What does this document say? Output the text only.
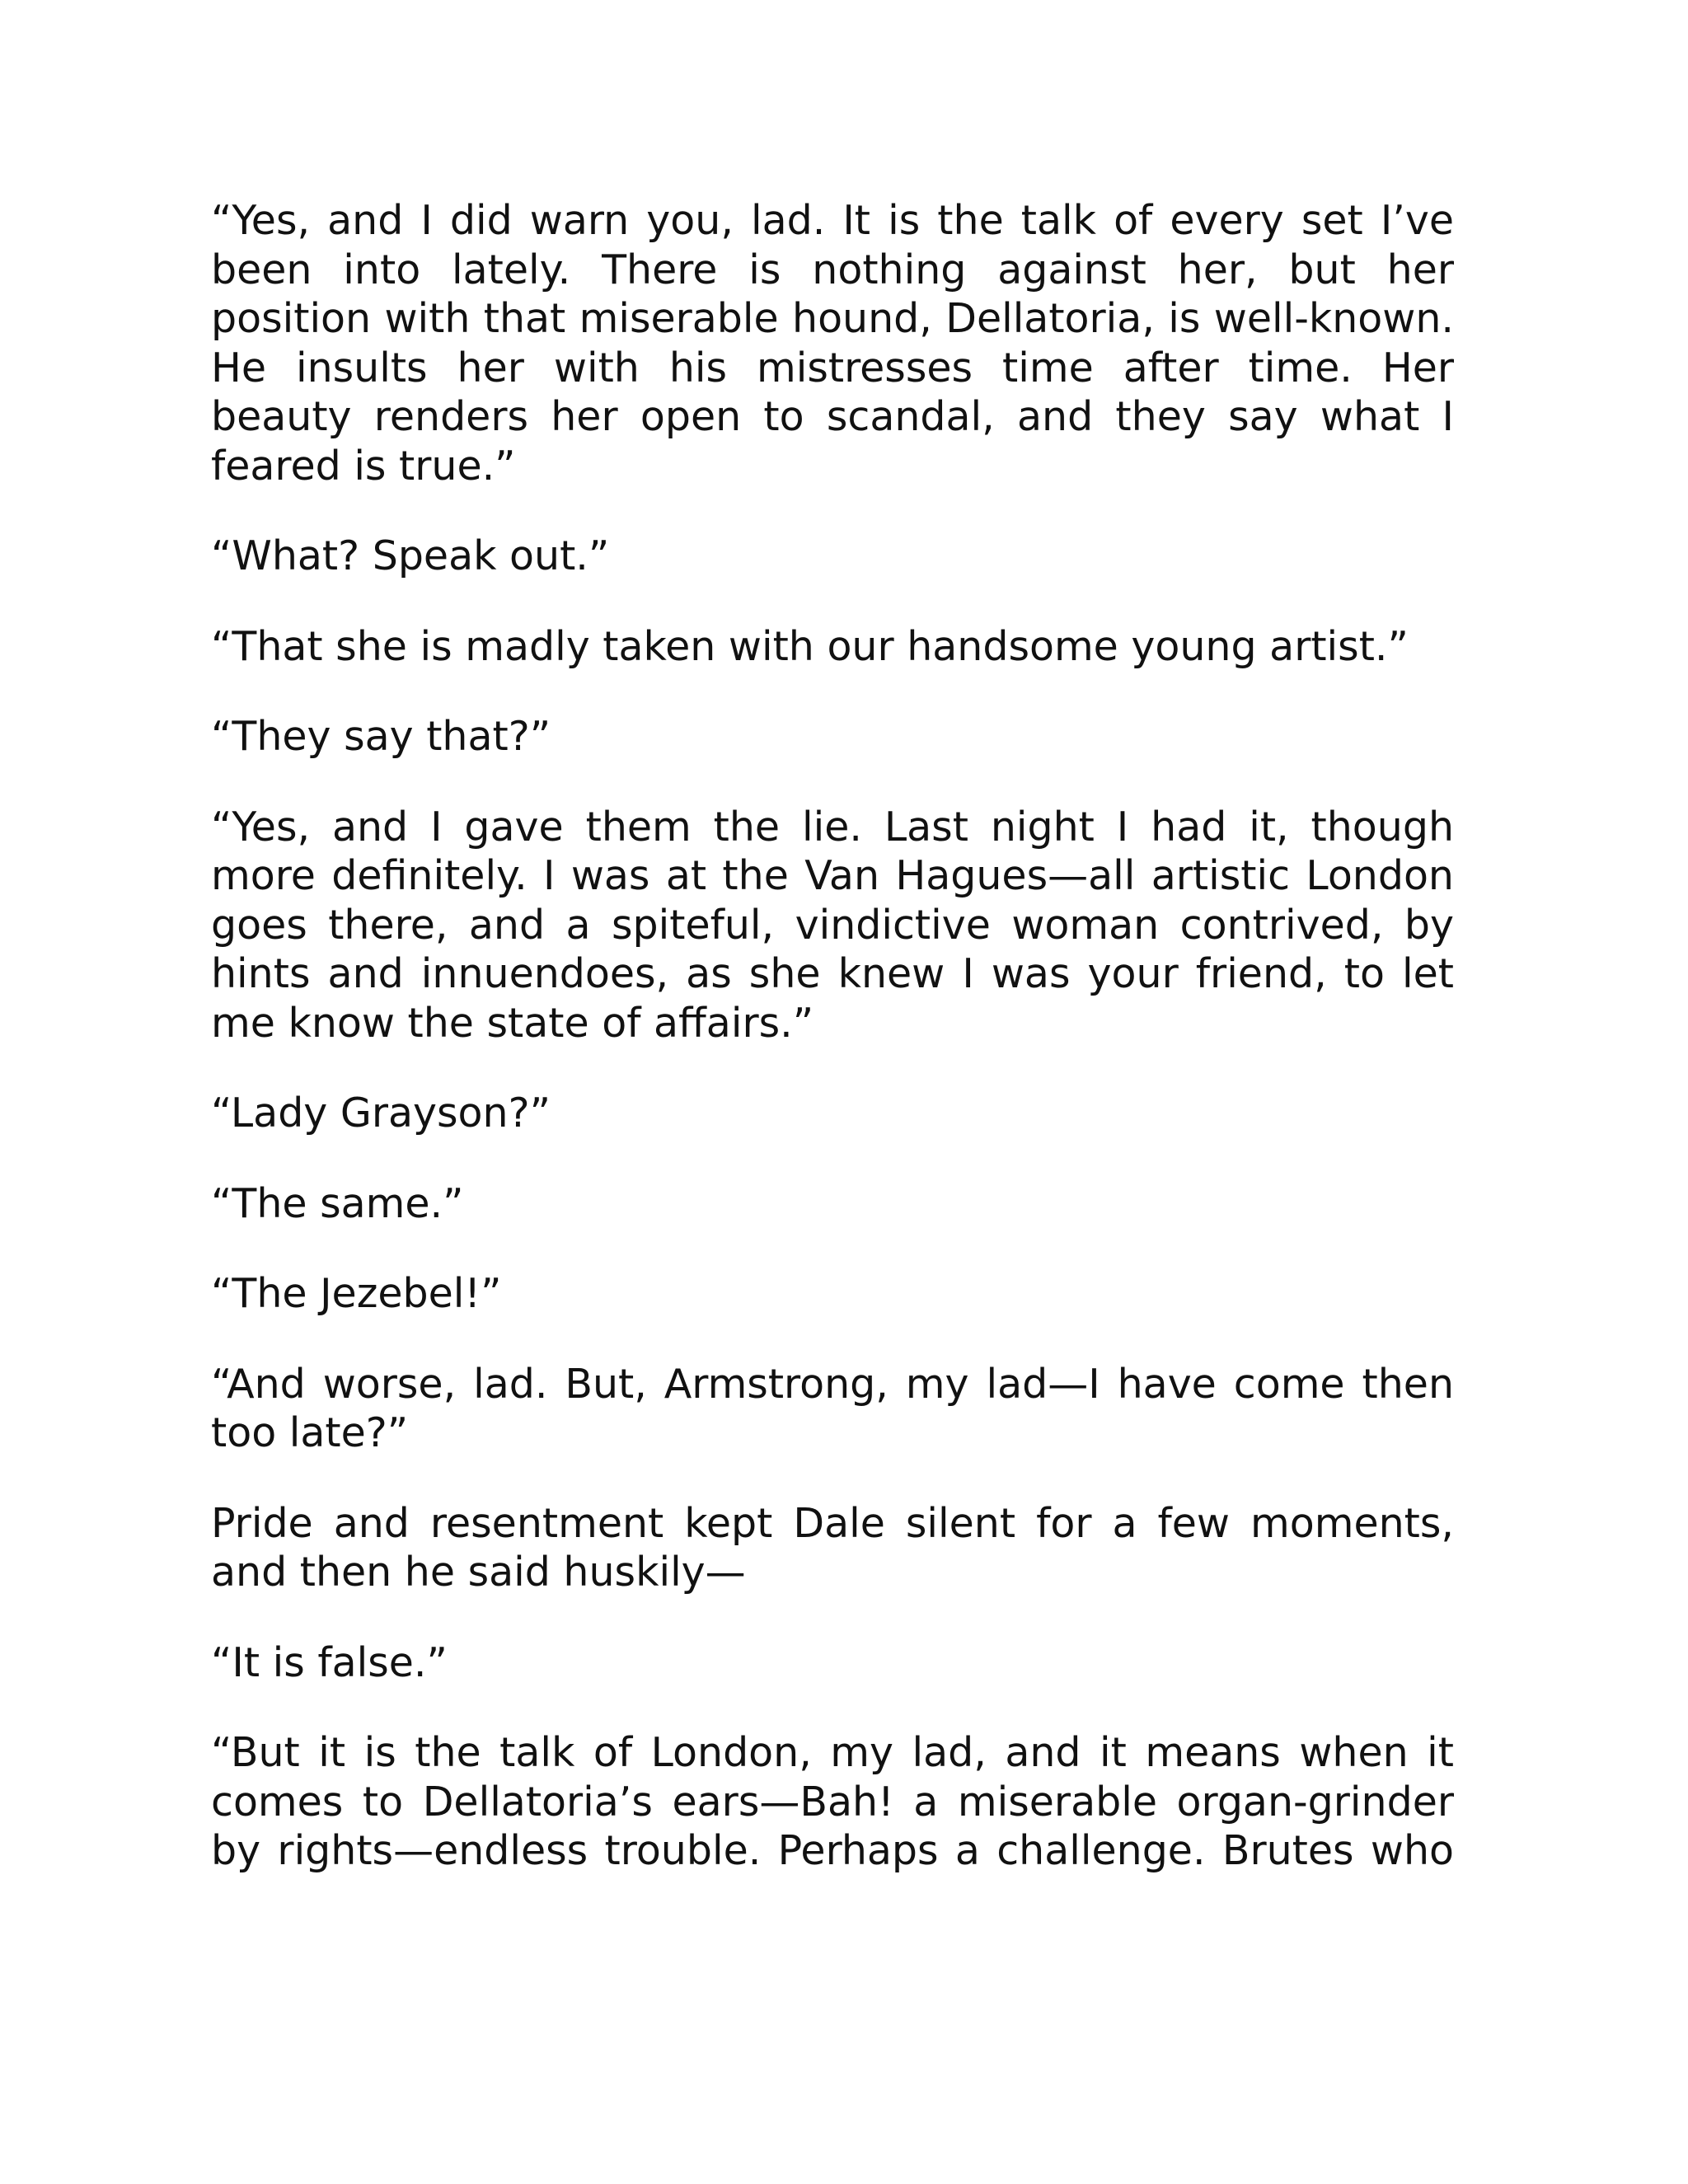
“Yes, and I did warn you, lad. It is the talk of every set I’ve been into lately. There is nothing against her, but her position with that miserable hound, Dellatoria, is well-known. He insults her with his mistresses time after time. Her beauty renders her open to scandal, and they say what I feared is true.”

“What? Speak out.”

“That she is madly taken with our handsome young artist.”

“They say that?”

“Yes, and I gave them the lie. Last night I had it, though more definitely. I was at the Van Hagues—all artistic London goes there, and a spiteful, vindictive woman contrived, by hints and innuendoes, as she knew I was your friend, to let me know the state of affairs.”

“Lady Grayson?”

“The same.”

“The Jezebel!”

“And worse, lad. But, Armstrong, my lad—I have come then too late?”

Pride and resentment kept Dale silent for a few moments, and then he said huskily—

“It is false.”

“But it is the talk of London, my lad, and it means when it comes to Dellatoria’s ears—Bah! a miserable organ-grinder by rights—endless trouble. Perhaps a challenge. Brutes who
